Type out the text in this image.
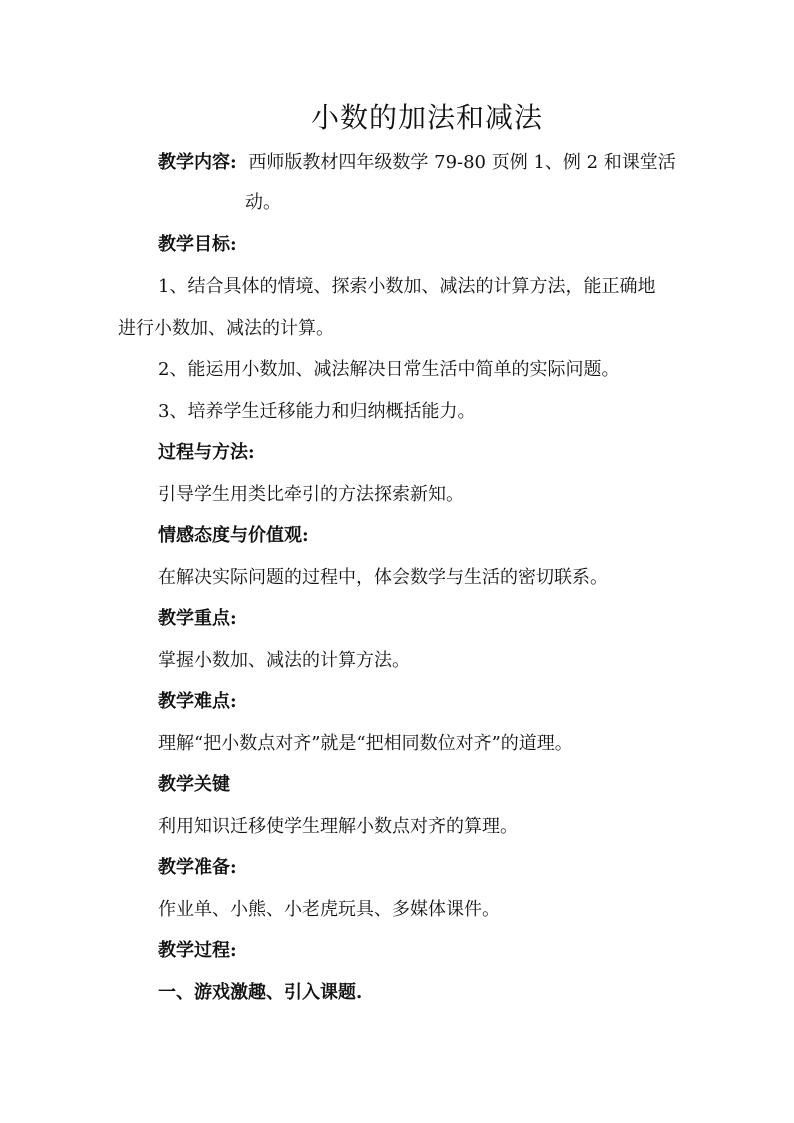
小数的加法和减法
教学内容: 西师版教材四年级数学 79-80 页例 1、例 2 和课堂活
动。
教学目标:
1、结合具体的情境、探索小数加、减法的计算方法，能正确地
进行小数加、减法的计算。
2、能运用小数加、减法解决日常生活中简单的实际问题。
3、培养学生迁移能力和归纳概括能力。
过程与方法:
引导学生用类比牵引的方法探索新知。
情感态度与价值观:
在解决实际问题的过程中，体会数学与生活的密切联系。
教学重点:
掌握小数加、减法的计算方法。
教学难点:
理解“把小数点对齐”就是“把相同数位对齐”的道理。
教学关键
利用知识迁移使学生理解小数点对齐的算理。
教学准备:
作业单、小熊、小老虎玩具、多媒体课件。
教学过程:
一、游戏激趣、引入课题.
